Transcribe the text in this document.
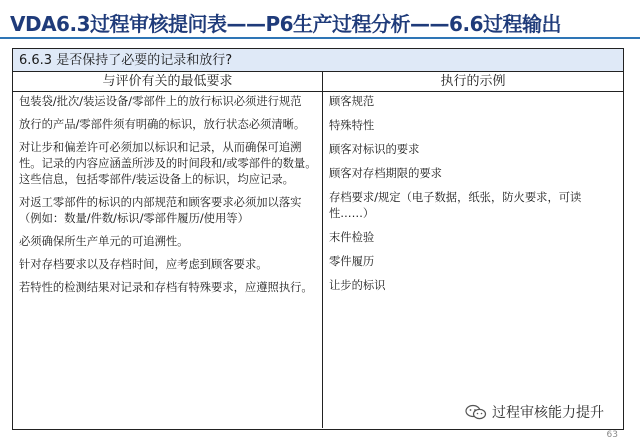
VDA6.3过程审核提问表——P6生产过程分析——6.6过程输出
6.6.3 是否保持了必要的记录和放行?
与评价有关的最低要求	执行的示例

包装袋/批次/装运设备/零部件上的放行标识必须进行规范

放行的产品/零部件须有明确的标识，放行状态必须清晰。

对让步和偏差许可必须加以标识和记录，从而确保可追溯性。记录的内容应涵盖所涉及的时间段和/或零部件的数量。这些信息，包括零部件/装运设备上的标识，均应记录。

对返工零部件的标识的内部规范和顾客要求必须加以落实（例如：数量/件数/标识/零部件履历/使用等）

必须确保所生产单元的可追溯性。

针对存档要求以及存档时间，应考虑到顾客要求。

若特性的检测结果对记录和存档有特殊要求，应遵照执行。

顾客规范

特殊特性

顾客对标识的要求

顾客对存档期限的要求

存档要求/规定（电子数据，纸张，防火要求，可读性……）

末件检验

零件履历

让步的标识

过程审核能力提升
63
